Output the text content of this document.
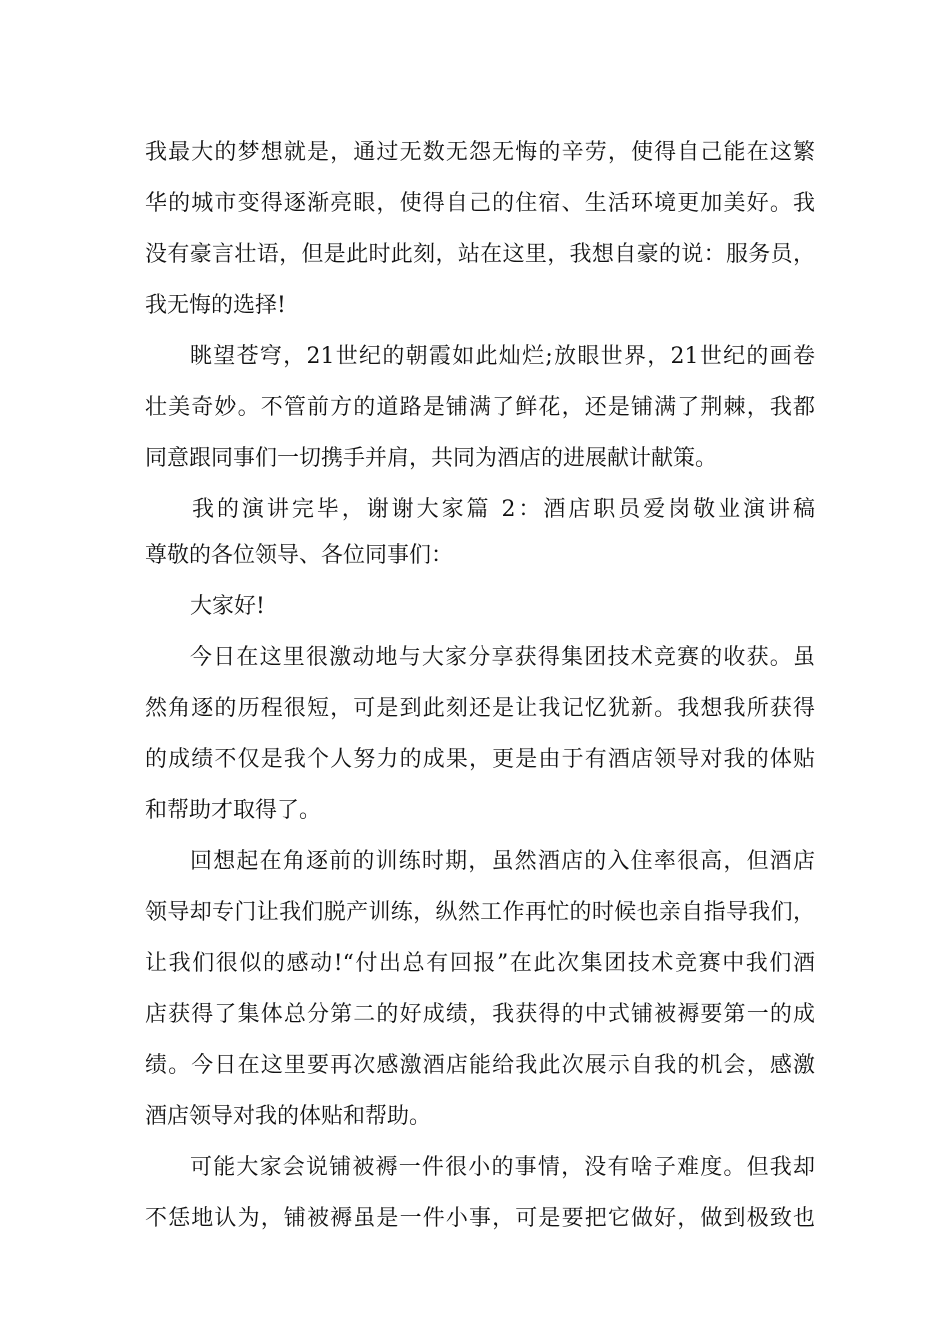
我最大的梦想就是，通过无数无怨无悔的辛劳，使得自己能在这繁

华的城市变得逐渐亮眼，使得自己的住宿、生活环境更加美好。我

没有豪言壮语，但是此时此刻，站在这里，我想自豪的说：服务员，

我无悔的选择!

眺望苍穹，21世纪的朝霞如此灿烂;放眼世界，21世纪的画卷

壮美奇妙。不管前方的道路是铺满了鲜花，还是铺满了荆棘，我都

同意跟同事们一切携手并肩，共同为酒店的进展献计献策。

我的演讲完毕，谢谢大家篇 2：酒店职员爱岗敬业演讲稿

尊敬的各位领导、各位同事们：

大家好!

今日在这里很激动地与大家分享获得集团技术竞赛的收获。虽

然角逐的历程很短，可是到此刻还是让我记忆犹新。我想我所获得

的成绩不仅是我个人努力的成果，更是由于有酒店领导对我的体贴

和帮助才取得了。

回想起在角逐前的训练时期，虽然酒店的入住率很高，但酒店

领导却专门让我们脱产训练，纵然工作再忙的时候也亲自指导我们，

让我们很似的感动!“付出总有回报”在此次集团技术竞赛中我们酒

店获得了集体总分第二的好成绩，我获得的中式铺被褥要第一的成

绩。今日在这里要再次感激酒店能给我此次展示自我的机会，感激

酒店领导对我的体贴和帮助。

可能大家会说铺被褥一件很小的事情，没有啥子难度。但我却

不恁地认为，铺被褥虽是一件小事，可是要把它做好，做到极致也
